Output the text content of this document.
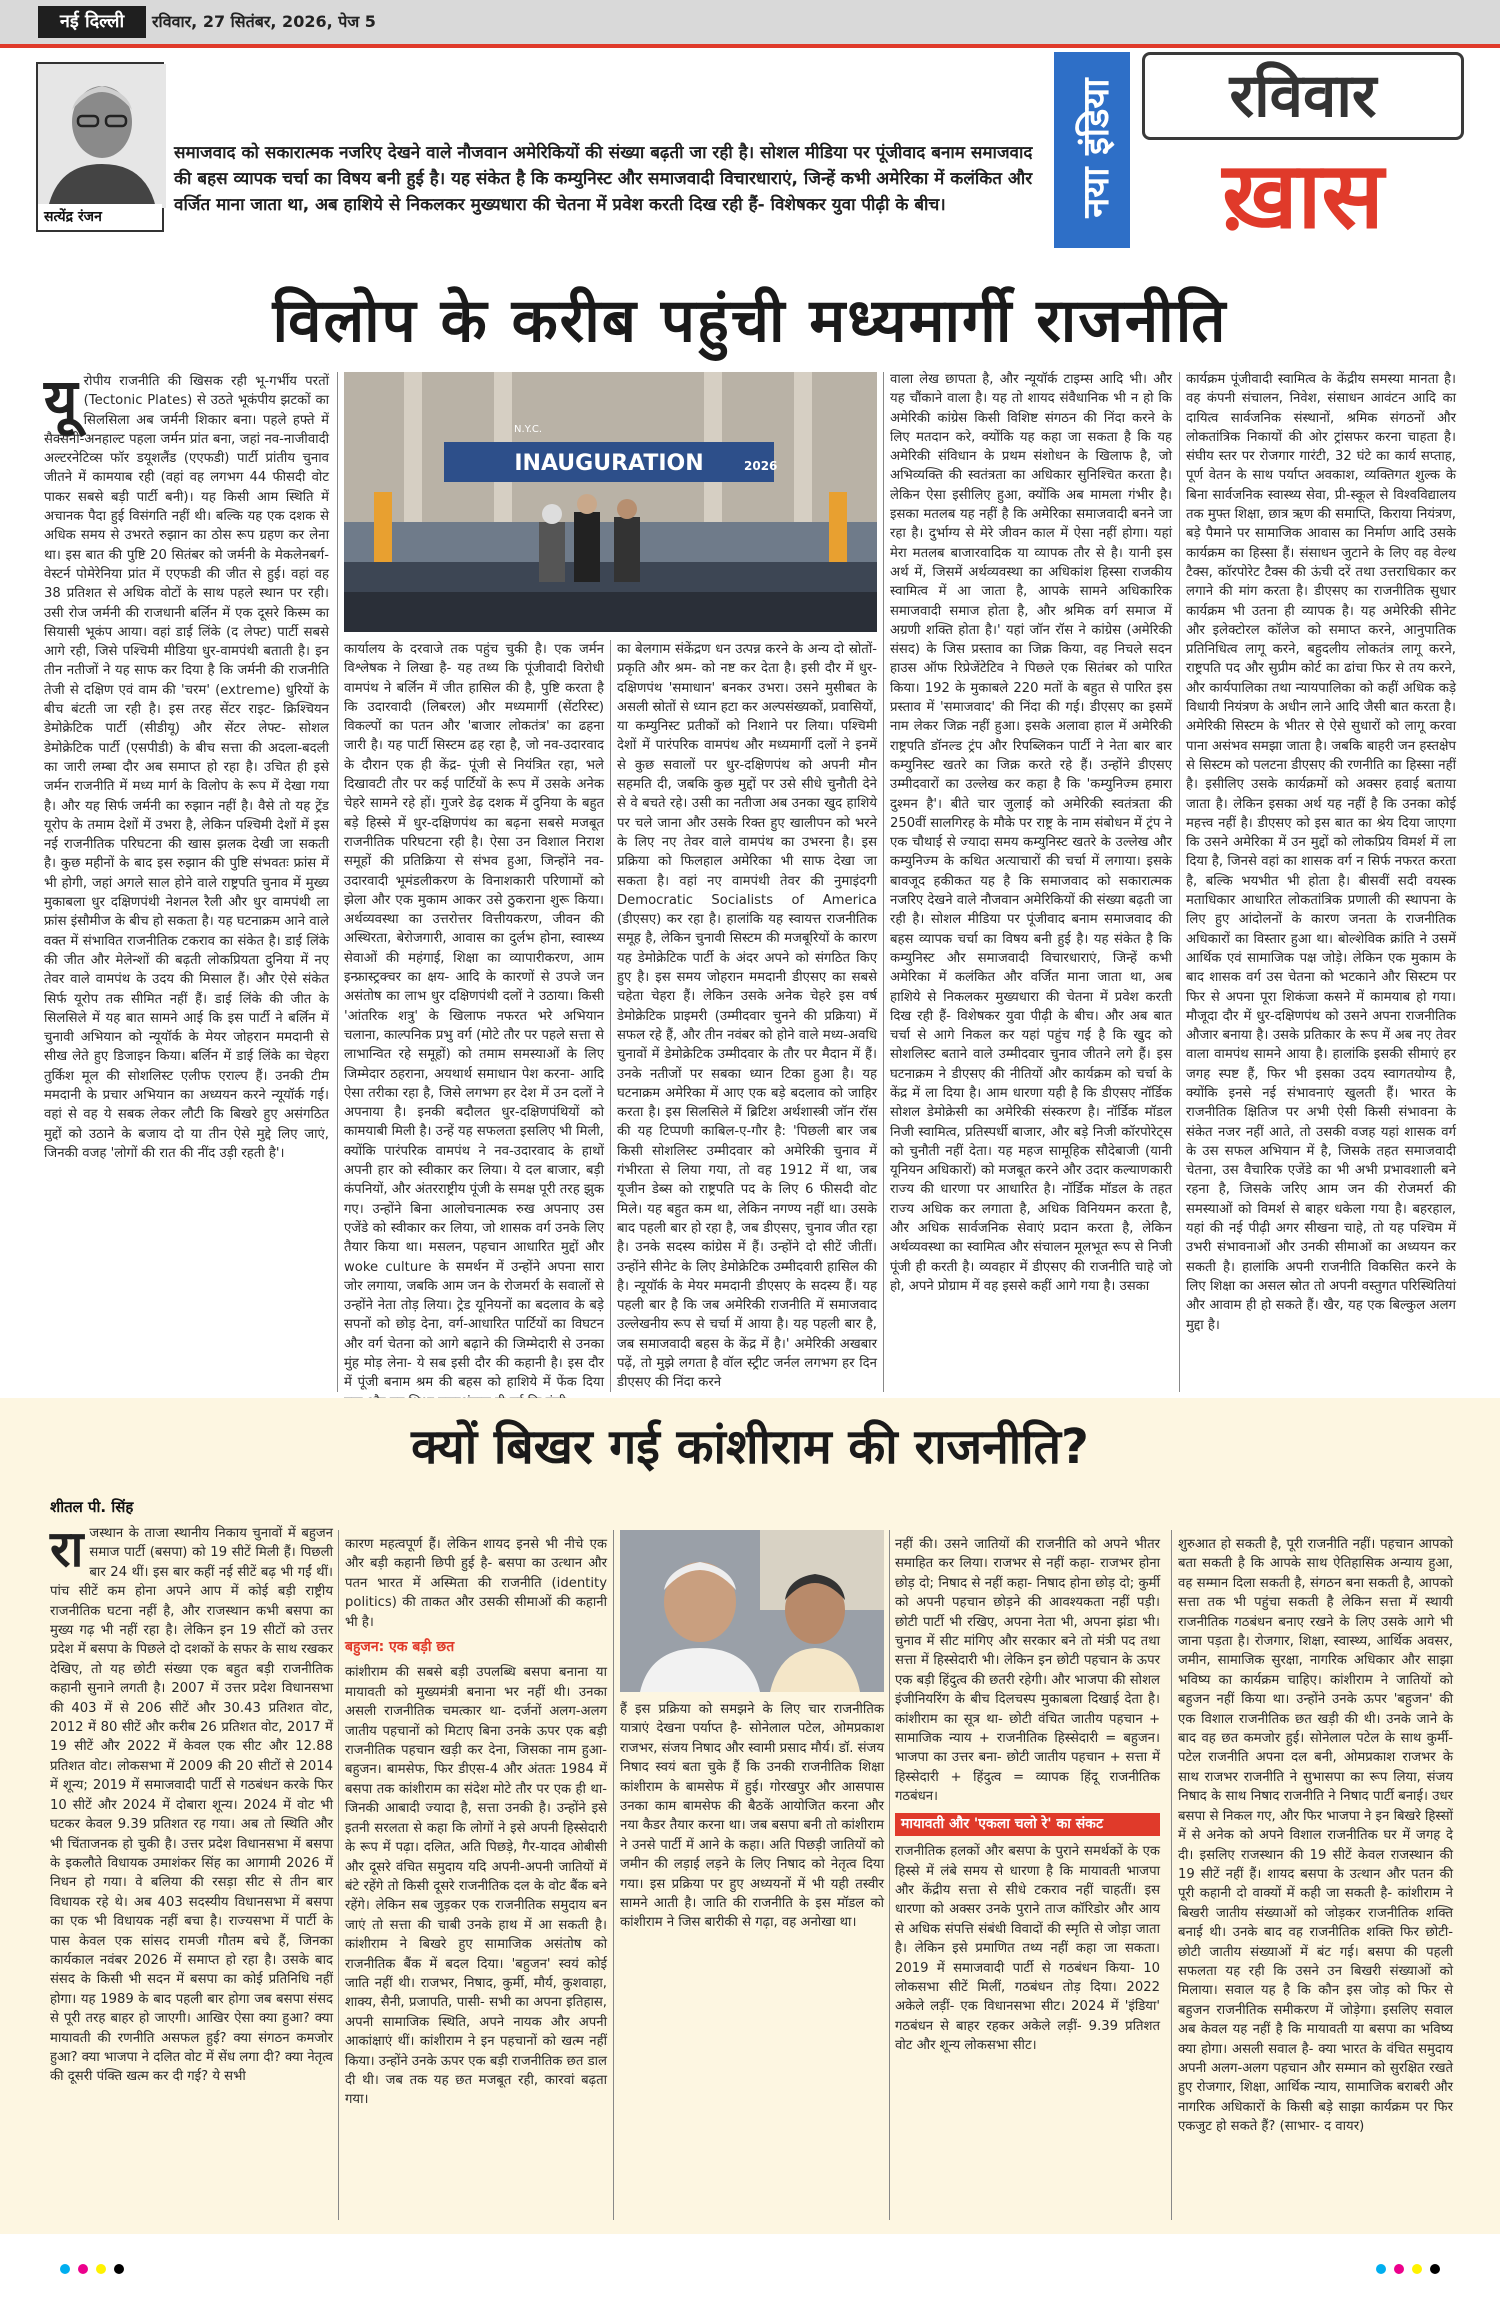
नई दिल्ली	रविवार, 27 सितंबर, 2026, पेज 5
सत्येंद्र रंजन
समाजवाद को सकारात्मक नजरिए देखने वाले नौजवान अमेरिकियों की संख्या बढ़ती जा रही है। सोशल मीडिया पर पूंजीवाद बनाम समाजवाद की बहस व्यापक चर्चा का विषय बनी हुई है। यह संकेत है कि कम्युनिस्ट और समाजवादी विचारधाराएं, जिन्हें कभी अमेरिका में कलंकित और वर्जित माना जाता था, अब हाशिये से निकलकर मुख्यधारा की चेतना में प्रवेश करती दिख रही हैं- विशेषकर युवा पीढ़ी के बीच।	नया इंडिया	रविवार
ख़ास
विलोप के करीब पहुंची मध्यमार्गी राजनीति
यूरोपीय राजनीति की खिसक रही भू-गर्भीय परतों (Tectonic Plates) से उठते भूकंपीय झटकों का सिलसिला अब जर्मनी शिकार बना। पहले हफ्ते में सैक्सनी-अनहाल्ट पहला जर्मन प्रांत बना, जहां नव-नाजीवादी अल्टरनेटिव्स फॉर डयूशलैंड (एएफडी) पार्टी प्रांतीय चुनाव जीतने में कामयाब रही (वहां वह लगभग 44 फीसदी वोट पाकर सबसे बड़ी पार्टी बनी)। यह किसी आम स्थिति में अचानक पैदा हुई विसंगति नहीं थी। बल्कि यह एक दशक से अधिक समय से उभरते रुझान का ठोस रूप ग्रहण कर लेना था। इस बात की पुष्टि 20 सितंबर को जर्मनी के मेकलेनबर्ग- वेस्टर्न पोमेरेनिया प्रांत में एएफडी की जीत से हुई। वहां वह 38 प्रतिशत से अधिक वोटों के साथ पहले स्थान पर रही। उसी रोज जर्मनी की राजधानी बर्लिन में एक दूसरे किस्म का सियासी भूकंप आया। वहां डाई लिंके (द लेफ्ट) पार्टी सबसे आगे रही, जिसे पश्चिमी मीडिया धुर-वामपंथी बताती है। इन तीन नतीजों ने यह साफ कर दिया है कि जर्मनी की राजनीति तेजी से दक्षिण एवं वाम की 'चरम' (extreme) धुरियों के बीच बंटती जा रही है। इस तरह सेंटर राइट- क्रिश्चियन डेमोक्रेटिक पार्टी (सीडीयू) और सेंटर लेफ्ट- सोशल डेमोक्रेटिक पार्टी (एसपीडी) के बीच सत्ता की अदला-बदली का जारी लम्बा दौर अब समाप्त हो रहा है। उचित ही इसे जर्मन राजनीति में मध्य मार्ग के विलोप के रूप में देखा गया है। और यह सिर्फ जर्मनी का रुझान नहीं है। वैसे तो यह ट्रेंड यूरोप के तमाम देशों में उभरा है, लेकिन पश्चिमी देशों में इस नई राजनीतिक परिघटना की खास झलक देखी जा सकती है। कुछ महीनों के बाद इस रुझान की पुष्टि संभवतः फ्रांस में भी होगी, जहां अगले साल होने वाले राष्ट्रपति चुनाव में मुख्य मुकाबला धुर दक्षिणपंथी नेशनल रैली और धुर वामपंथी ला फ्रांस इंसौमीज के बीच हो सकता है। यह घटनाक्रम आने वाले वक्त में संभावित राजनीतिक टकराव का संकेत है। डाई लिंके की जीत और मेलेन्शों की बढ़ती लोकप्रियता दुनिया में नए तेवर वाले वामपंथ के उदय की मिसाल हैं। और ऐसे संकेत सिर्फ यूरोप तक सीमित नहीं हैं। डाई लिंके की जीत के सिलसिले में यह बात सामने आई कि इस पार्टी ने बर्लिन में चुनावी अभियान को न्यूयॉर्क के मेयर जोहरान ममदानी से सीख लेते हुए डिजाइन किया। बर्लिन में डाई लिंके का चेहरा तुर्किश मूल की सोशलिस्ट एलीफ एराल्प हैं। उनकी टीम ममदानी के प्रचार अभियान का अध्ययन करने न्यूयॉर्क गई। वहां से वह ये सबक लेकर लौटी कि बिखरे हुए असंगठित मुद्दों को उठाने के बजाय दो या तीन ऐसे मुद्दे लिए जाएं, जिनकी वजह 'लोगों की रात की नींद उड़ी रहती है'।
INAUGURATION	2026
N.Y.C.
कार्यालय के दरवाजे तक पहुंच चुकी है। एक जर्मन विश्लेषक ने लिखा है- यह तथ्य कि पूंजीवादी विरोधी वामपंथ ने बर्लिन में जीत हासिल की है, पुष्टि करता है कि उदारवादी (लिबरल) और मध्यमार्गी (सेंटरिस्ट) विकल्पों का पतन और 'बाजार लोकतंत्र' का ढहना जारी है। यह पार्टी सिस्टम ढह रहा है, जो नव-उदारवाद के दौरान एक ही केंद्र- पूंजी से नियंत्रित रहा, भले दिखावटी तौर पर कई पार्टियों के रूप में उसके अनेक चेहरे सामने रहे हों। गुजरे डेढ़ दशक में दुनिया के बहुत बड़े हिस्से में धुर-दक्षिणपंथ का बढ़ना सबसे मजबूत राजनीतिक परिघटना रही है। ऐसा उन विशाल निराश समूहों की प्रतिक्रिया से संभव हुआ, जिन्होंने नव-उदारवादी भूमंडलीकरण के विनाशकारी परिणामों को झेला और एक मुकाम आकर उसे ठुकराना शुरू किया। अर्थव्यवस्था का उत्तरोत्तर वित्तीयकरण, जीवन की अस्थिरता, बेरोजगारी, आवास का दुर्लभ होना, स्वास्थ्य सेवाओं की महंगाई, शिक्षा का व्यापारीकरण, आम इन्फ्रास्ट्रक्चर का क्षय- आदि के कारणों से उपजे जन असंतोष का लाभ धुर दक्षिणपंथी दलों ने उठाया। किसी 'आंतरिक शत्रु' के खिलाफ नफरत भरे अभियान चलाना, काल्पनिक प्रभु वर्ग (मोटे तौर पर पहले सत्ता से लाभान्वित रहे समूहों) को तमाम समस्याओं के लिए जिम्मेदार ठहराना, अयथार्थ समाधान पेश करना- आदि ऐसा तरीका रहा है, जिसे लगभग हर देश में उन दलों ने अपनाया है। इनकी बदौलत धुर-दक्षिणपंथियों को कामयाबी मिली है। उन्हें यह सफलता इसलिए भी मिली, क्योंकि पारंपरिक वामपंथ ने नव-उदारवाद के हाथों अपनी हार को स्वीकार कर लिया। ये दल बाजार, बड़ी कंपनियों, और अंतरराष्ट्रीय पूंजी के समक्ष पूरी तरह झुक गए। उन्होंने बिना आलोचनात्मक रुख अपनाए उस एजेंडे को स्वीकार कर लिया, जो शासक वर्ग उनके लिए तैयार किया था। मसलन, पहचान आधारित मुद्दों और woke culture के समर्थन में उन्होंने अपना सारा जोर लगाया, जबकि आम जन के रोजमर्रा के सवालों से उन्होंने नेता तोड़ लिया। ट्रेड यूनियनों का बदलाव के बड़े सपनों को छोड़ देना, वर्ग-आधारित पार्टियों का विघटन और वर्ग चेतना को आगे बढ़ाने की जिम्मेदारी से उनका मुंह मोड़ लेना- ये सब इसी दौर की कहानी है। इस दौर में पूंजी बनाम श्रम की बहस को हाशिये में फेंक दिया
का बेलगाम संकेंद्रण धन उत्पन्न करने के अन्य दो स्रोतों- प्रकृति और श्रम- को नष्ट कर देता है। इसी दौर में धुर-दक्षिणपंथ 'समाधान' बनकर उभरा। उसने मुसीबत के असली स्रोतों से ध्यान हटा कर अल्पसंख्यकों, प्रवासियों, या कम्युनिस्ट प्रतीकों को निशाने पर लिया। पश्चिमी देशों में पारंपरिक वामपंथ और मध्यमार्गी दलों ने इनमें से कुछ सवालों पर धुर-दक्षिणपंथ को अपनी मौन सहमति दी, जबकि कुछ मुद्दों पर उसे सीधे चुनौती देने से वे बचते रहे। उसी का नतीजा अब उनका खुद हाशिये पर चले जाना और उसके रिक्त हुए खालीपन को भरने के लिए नए तेवर वाले वामपंथ का उभरना है। इस प्रक्रिया को फिलहाल अमेरिका भी साफ देखा जा सकता है। वहां नए वामपंथी तेवर की नुमाइंदगी Democratic Socialists of America (डीएसए) कर रहा है। हालांकि यह स्वायत्त राजनीतिक समूह है, लेकिन चुनावी सिस्टम की मजबूरियों के कारण यह डेमोक्रेटिक पार्टी के अंदर अपने को संगठित किए हुए है। इस समय जोहरान ममदानी डीएसए का सबसे चहेता चेहरा हैं। लेकिन उसके अनेक चेहरे इस वर्ष डेमोक्रेटिक प्राइमरी (उम्मीदवार चुनने की प्रक्रिया) में सफल रहे हैं, और तीन नवंबर को होने वाले मध्य-अवधि चुनावों में डेमोक्रेटिक उम्मीदवार के तौर पर मैदान में हैं। उनके नतीजों पर सबका ध्यान टिका हुआ है। यह घटनाक्रम अमेरिका में आए एक बड़े बदलाव को जाहिर करता है। इस सिलसिले में ब्रिटिश अर्थशास्त्री जॉन रॉस की यह टिप्पणी काबिल-ए-गौर है: 'पिछली बार जब किसी सोशलिस्ट उम्मीदवार को अमेरिकी चुनाव में गंभीरता से लिया गया, तो वह 1912 में था, जब यूजीन डेब्स को राष्ट्रपति पद के लिए 6 फीसदी वोट मिले। यह बहुत कम था, लेकिन नगण्य नहीं था। उसके बाद पहली बार हो रहा है, जब डीएसए, चुनाव जीत रहा है। उनके सदस्य कांग्रेस में हैं। उन्होंने दो सीटें जीतीं। उन्होंने सीनेट के लिए डेमोक्रेटिक उम्मीदवारी हासिल की है। न्यूयॉर्क के मेयर ममदानी डीएसए के सदस्य हैं। यह पहली बार है कि जब अमेरिकी राजनीति में समाजवाद उल्लेखनीय रूप से चर्चा में आया है। यह पहली बार है, जब समाजवादी बहस के केंद्र में है।' अमेरिकी अखबार पढ़ें, तो मुझे लगता है वॉल स्ट्रीट जर्नल लगभग हर दिन डीएसए की निंदा करने
वाला लेख छापता है, और न्यूयॉर्क टाइम्स आदि भी। और यह चौंकाने वाला है। यह तो शायद संवैधानिक भी न हो कि अमेरिकी कांग्रेस किसी विशिष्ट संगठन की निंदा करने के लिए मतदान करे, क्योंकि यह कहा जा सकता है कि यह अमेरिकी संविधान के प्रथम संशोधन के खिलाफ है, जो अभिव्यक्ति की स्वतंत्रता का अधिकार सुनिश्चित करता है। लेकिन ऐसा इसीलिए हुआ, क्योंकि अब मामला गंभीर है। इसका मतलब यह नहीं है कि अमेरिका समाजवादी बनने जा रहा है। दुर्भाग्य से मेरे जीवन काल में ऐसा नहीं होगा। यहां मेरा मतलब बाजारवादिक या व्यापक तौर से है। यानी इस अर्थ में, जिसमें अर्थव्यवस्था का अधिकांश हिस्सा राजकीय स्वामित्व में आ जाता है, आपके सामने अधिकारिक समाजवादी समाज होता है, और श्रमिक वर्ग समाज में अग्रणी शक्ति होता है।' यहां जॉन रॉस ने कांग्रेस (अमेरिकी संसद) के जिस प्रस्ताव का जिक्र किया, वह निचले सदन हाउस ऑफ रिप्रेजेंटेटिव ने पिछले एक सितंबर को पारित किया। 192 के मुकाबले 220 मतों के बहुत से पारित इस प्रस्ताव में 'समाजवाद' की निंदा की गई। डीएसए का इसमें नाम लेकर जिक्र नहीं हुआ। इसके अलावा हाल में अमेरिकी राष्ट्रपति डॉनल्ड ट्रंप और रिपब्लिकन पार्टी ने नेता बार बार कम्युनिस्ट खतरे का जिक्र करते रहे हैं। उन्होंने डीएसए उम्मीदवारों का उल्लेख कर कहा है कि 'कम्युनिज्म हमारा दुश्मन है'। बीते चार जुलाई को अमेरिकी स्वतंत्रता की 250वीं सालगिरह के मौके पर राष्ट्र के नाम संबोधन में ट्रंप ने एक चौथाई से ज्यादा समय कम्युनिस्ट खतरे के उल्लेख और कम्युनिज्म के कथित अत्याचारों की चर्चा में लगाया। इसके बावजूद हकीकत यह है कि समाजवाद को सकारात्मक नजरिए देखने वाले नौजवान अमेरिकियों की संख्या बढ़ती जा रही है। सोशल मीडिया पर पूंजीवाद बनाम समाजवाद की बहस व्यापक चर्चा का विषय बनी हुई है। यह संकेत है कि कम्युनिस्ट और समाजवादी विचारधाराएं, जिन्हें कभी अमेरिका में कलंकित और वर्जित माना जाता था, अब हाशिये से निकलकर मुख्यधारा की चेतना में प्रवेश करती दिख रही हैं- विशेषकर युवा पीढ़ी के बीच। और अब बात चर्चा से आगे निकल कर यहां पहुंच गई है कि खुद को सोशलिस्ट बताने वाले उम्मीदवार चुनाव जीतने लगे हैं। इस घटनाक्रम ने डीएसए की नीतियों और कार्यक्रम को चर्चा के केंद्र में ला दिया है। आम धारणा यही है कि डीएसए नॉर्डिक सोशल डेमोक्रेसी का अमेरिकी संस्करण है। नॉर्डिक मॉडल निजी स्वामित्व, प्रतिस्पर्धी बाजार, और बड़े निजी कॉरपोरेट्स को चुनौती नहीं देता। यह महज सामूहिक सौदेबाजी (यानी यूनियन अधिकारों) को मजबूत करने और उदार कल्याणकारी राज्य की धारणा पर आधारित है। नॉर्डिक मॉडल के तहत राज्य अधिक कर लगाता है, अधिक विनियमन करता है, और अधिक सार्वजनिक सेवाएं प्रदान करता है, लेकिन अर्थव्यवस्था का स्वामित्व और संचालन मूलभूत रूप से निजी पूंजी ही करती है। व्यवहार में डीएसए की राजनीति चाहे जो हो, अपने प्रोग्राम में वह इससे कहीं आगे गया है। उसका
कार्यक्रम पूंजीवादी स्वामित्व के केंद्रीय समस्या मानता है। वह कंपनी संचालन, निवेश, संसाधन आवंटन आदि का दायित्व सार्वजनिक संस्थानों, श्रमिक संगठनों और लोकतांत्रिक निकायों की ओर ट्रांसफर करना चाहता है। संघीय स्तर पर रोजगार गारंटी, 32 घंटे का कार्य सप्ताह, पूर्ण वेतन के साथ पर्याप्त अवकाश, व्यक्तिगत शुल्क के बिना सार्वजनिक स्वास्थ्य सेवा, प्री-स्कूल से विश्वविद्यालय तक मुफ्त शिक्षा, छात्र ऋण की समाप्ति, किराया नियंत्रण, बड़े पैमाने पर सामाजिक आवास का निर्माण आदि उसके कार्यक्रम का हिस्सा हैं। संसाधन जुटाने के लिए वह वेल्थ टैक्स, कॉरपोरेट टैक्स की ऊंची दरें तथा उत्तराधिकार कर लगाने की मांग करता है। डीएसए का राजनीतिक सुधार कार्यक्रम भी उतना ही व्यापक है। यह अमेरिकी सीनेट और इलेक्टोरल कॉलेज को समाप्त करने, आनुपातिक प्रतिनिधित्व लागू करने, बहुदलीय लोकतंत्र लागू करने, राष्ट्रपति पद और सुप्रीम कोर्ट का ढांचा फिर से तय करने, और कार्यपालिका तथा न्यायपालिका को कहीं अधिक कड़े विधायी नियंत्रण के अधीन लाने आदि जैसी बात करता है। अमेरिकी सिस्टम के भीतर से ऐसे सुधारों को लागू करवा पाना असंभव समझा जाता है। जबकि बाहरी जन हस्तक्षेप से सिस्टम को पलटना डीएसए की रणनीति का हिस्सा नहीं है। इसीलिए उसके कार्यक्रमों को अक्सर हवाई बताया जाता है। लेकिन इसका अर्थ यह नहीं है कि उनका कोई महत्त्व नहीं है। डीएसए को इस बात का श्रेय दिया जाएगा कि उसने अमेरिका में उन मुद्दों को लोकप्रिय विमर्श में ला दिया है, जिनसे वहां का शासक वर्ग न सिर्फ नफरत करता है, बल्कि भयभीत भी होता है। बीसवीं सदी वयस्क मताधिकार आधारित लोकतांत्रिक प्रणाली की स्थापना के लिए हुए आंदोलनों के कारण जनता के राजनीतिक अधिकारों का विस्तार हुआ था। बोल्शेविक क्रांति ने उसमें आर्थिक एवं सामाजिक पक्ष जोड़े। लेकिन एक मुकाम के बाद शासक वर्ग उस चेतना को भटकाने और सिस्टम पर फिर से अपना पूरा शिकंजा कसने में कामयाब हो गया। मौजूदा दौर में धुर-दक्षिणपंथ को उसने अपना राजनीतिक औजार बनाया है। उसके प्रतिकार के रूप में अब नए तेवर वाला वामपंथ सामने आया है। हालांकि इसकी सीमाएं हर जगह स्पष्ट हैं, फिर भी इसका उदय स्वागतयोग्य है, क्योंकि इनसे नई संभावनाएं खुलती हैं। भारत के राजनीतिक क्षितिज पर अभी ऐसी किसी संभावना के संकेत नजर नहीं आते, तो उसकी वजह यहां शासक वर्ग के उस सफल अभियान में है, जिसके तहत समाजवादी चेतना, उस वैचारिक एजेंडे का भी अभी प्रभावशाली बने रहना है, जिसके जरिए आम जन की रोजमर्रा की समस्याओं को विमर्श से बाहर धकेला गया है। बहरहाल, यहां की नई पीढ़ी अगर सीखना चाहे, तो यह पश्चिम में उभरी संभावनाओं और उनकी सीमाओं का अध्ययन कर सकती है। हालांकि अपनी राजनीति विकसित करने के लिए शिक्षा का असल स्रोत तो अपनी वस्तुगत परिस्थितियां और आवाम ही हो सकते हैं। खैर, यह एक बिल्कुल अलग मुद्दा है।
क्यों बिखर गई कांशीराम की राजनीति?
शीतल पी. सिंह
राजस्थान के ताजा स्थानीय निकाय चुनावों में बहुजन समाज पार्टी (बसपा) को 19 सीटें मिली हैं। पिछली बार 24 थीं। इस बार कहीं नई सीटें बढ़ भी गईं थीं। पांच सीटें कम होना अपने आप में कोई बड़ी राष्ट्रीय राजनीतिक घटना नहीं है, और राजस्थान कभी बसपा का मुख्य गढ़ भी नहीं रहा है। लेकिन इन 19 सीटों को उत्तर प्रदेश में बसपा के पिछले दो दशकों के सफर के साथ रखकर देखिए, तो यह छोटी संख्या एक बहुत बड़ी राजनीतिक कहानी सुनाने लगती है। 2007 में उत्तर प्रदेश विधानसभा की 403 में से 206 सीटें और 30.43 प्रतिशत वोट, 2012 में 80 सीटें और करीब 26 प्रतिशत वोट, 2017 में 19 सीटें और 2022 में केवल एक सीट और 12.88 प्रतिशत वोट। लोकसभा में 2009 की 20 सीटों से 2014 में शून्य; 2019 में समाजवादी पार्टी से गठबंधन करके फिर 10 सीटें और 2024 में दोबारा शून्य। 2024 में वोट भी घटकर केवल 9.39 प्रतिशत रह गया। अब तो स्थिति और भी चिंताजनक हो चुकी है। उत्तर प्रदेश विधानसभा में बसपा के इकलौते विधायक उमाशंकर सिंह का आगामी 2026 में निधन हो गया। वे बलिया की रसड़ा सीट से तीन बार विधायक रहे थे। अब 403 सदस्यीय विधानसभा में बसपा का एक भी विधायक नहीं बचा है। राज्यसभा में पार्टी के पास केवल एक सांसद रामजी गौतम बचे हैं, जिनका कार्यकाल नवंबर 2026 में समाप्त हो रहा है। उसके बाद संसद के किसी भी सदन में बसपा का कोई प्रतिनिधि नहीं होगा। यह 1989 के बाद पहली बार होगा जब बसपा संसद से पूरी तरह बाहर हो जाएगी। आखिर ऐसा क्या हुआ? क्या मायावती की रणनीति असफल हुई? क्या संगठन कमजोर हुआ? क्या भाजपा ने दलित वोट में सेंध लगा दी? क्या नेतृत्व की दूसरी पंक्ति खत्म कर दी गई? ये सभी
कारण महत्वपूर्ण हैं। लेकिन शायद इनसे भी नीचे एक और बड़ी कहानी छिपी हुई है- बसपा का उत्थान और पतन भारत में अस्मिता की राजनीति (identity politics) की ताकत और उसकी सीमाओं की कहानी भी है।
बहुजन: एक बड़ी छत
कांशीराम की सबसे बड़ी उपलब्धि बसपा बनाना या मायावती को मुख्यमंत्री बनाना भर नहीं थी। उनका असली राजनीतिक चमत्कार था- दर्जनों अलग-अलग जातीय पहचानों को मिटाए बिना उनके ऊपर एक बड़ी राजनीतिक पहचान खड़ी कर देना, जिसका नाम हुआ- बहुजन। बामसेफ, फिर डीएस-4 और अंततः 1984 में बसपा तक कांशीराम का संदेश मोटे तौर पर एक ही था- जिनकी आबादी ज्यादा है, सत्ता उनकी है। उन्होंने इसे इतनी सरलता से कहा कि लोगों ने इसे अपनी हिस्सेदारी के रूप में पढ़ा। दलित, अति पिछड़े, गैर-यादव ओबीसी और दूसरे वंचित समुदाय यदि अपनी-अपनी जातियों में बंटे रहेंगे तो किसी दूसरे राजनीतिक दल के वोट बैंक बने रहेंगे। लेकिन सब जुड़कर एक राजनीतिक समुदाय बन जाएं तो सत्ता की चाबी उनके हाथ में आ सकती है। कांशीराम ने बिखरे हुए सामाजिक असंतोष को राजनीतिक बैंक में बदल दिया। 'बहुजन' स्वयं कोई जाति नहीं थी। राजभर, निषाद, कुर्मी, मौर्य, कुशवाहा, शाक्य, सैनी, प्रजापति, पासी- सभी का अपना इतिहास, अपनी सामाजिक स्थिति, अपने नायक और अपनी आकांक्षाएं थीं। कांशीराम ने इन पहचानों को खत्म नहीं किया। उन्होंने उनके ऊपर एक बड़ी राजनीतिक छत डाल दी थी। जब तक यह छत मजबूत रही, कारवां बढ़ता गया।
हैं इस प्रक्रिया को समझने के लिए चार राजनीतिक यात्राएं देखना पर्याप्त है- सोनेलाल पटेल, ओमप्रकाश राजभर, संजय निषाद और स्वामी प्रसाद मौर्य। डॉ. संजय निषाद स्वयं बता चुके हैं कि उनकी राजनीतिक शिक्षा कांशीराम के बामसेफ में हुई। गोरखपुर और आसपास उनका काम बामसेफ की बैठकें आयोजित करना और नया कैडर तैयार करना था। जब बसपा बनी तो कांशीराम ने उनसे पार्टी में आने के कहा। अति पिछड़ी जातियों को जमीन की लड़ाई लड़ने के लिए निषाद को नेतृत्व दिया गया। इस प्रक्रिया पर हुए अध्ययनों में भी यही तस्वीर सामने आती है। जाति की राजनीति के इस मॉडल को कांशीराम ने जिस बारीकी से गढ़ा, वह अनोखा था।
नहीं की। उसने जातियों की राजनीति को अपने भीतर समाहित कर लिया। राजभर से नहीं कहा- राजभर होना छोड़ दो; निषाद से नहीं कहा- निषाद होना छोड़ दो; कुर्मी को अपनी पहचान छोड़ने की आवश्यकता नहीं पड़ी। छोटी पार्टी भी रखिए, अपना नेता भी, अपना झंडा भी। चुनाव में सीट मांगिए और सरकार बने तो मंत्री पद तथा सत्ता में हिस्सेदारी भी। लेकिन इन छोटी पहचान के ऊपर एक बड़ी हिंदुत्व की छतरी रहेगी। और भाजपा की सोशल इंजीनियरिंग के बीच दिलचस्प मुकाबला दिखाई देता है। कांशीराम का सूत्र था- छोटी वंचित जातीय पहचान + सामाजिक न्याय + राजनीतिक हिस्सेदारी = बहुजन। भाजपा का उत्तर बना- छोटी जातीय पहचान + सत्ता में हिस्सेदारी + हिंदुत्व = व्यापक हिंदू राजनीतिक गठबंधन।
मायावती और 'एकला चलो रे' का संकट
राजनीतिक हलकों और बसपा के पुराने समर्थकों के एक हिस्से में लंबे समय से धारणा है कि मायावती भाजपा और केंद्रीय सत्ता से सीधे टकराव नहीं चाहतीं। इस धारणा को अक्सर उनके पुराने ताज कॉरिडोर और आय से अधिक संपत्ति संबंधी विवादों की स्मृति से जोड़ा जाता है। लेकिन इसे प्रमाणित तथ्य नहीं कहा जा सकता। 2019 में समाजवादी पार्टी से गठबंधन किया- 10 लोकसभा सीटें मिलीं, गठबंधन तोड़ दिया। 2022 अकेले लड़ीं- एक विधानसभा सीट। 2024 में 'इंडिया' गठबंधन से बाहर रहकर अकेले लड़ीं- 9.39 प्रतिशत वोट और शून्य लोकसभा सीट।
शुरुआत हो सकती है, पूरी राजनीति नहीं। पहचान आपको बता सकती है कि आपके साथ ऐतिहासिक अन्याय हुआ, वह सम्मान दिला सकती है, संगठन बना सकती है, आपको सत्ता तक भी पहुंचा सकती है लेकिन सत्ता में स्थायी राजनीतिक गठबंधन बनाए रखने के लिए उसके आगे भी जाना पड़ता है। रोजगार, शिक्षा, स्वास्थ्य, आर्थिक अवसर, जमीन, सामाजिक सुरक्षा, नागरिक अधिकार और साझा भविष्य का कार्यक्रम चाहिए। कांशीराम ने जातियों को बहुजन नहीं किया था। उन्होंने उनके ऊपर 'बहुजन' की एक विशाल राजनीतिक छत खड़ी की थी। उनके जाने के बाद वह छत कमजोर हुई। सोनेलाल पटेल के साथ कुर्मी-पटेल राजनीति अपना दल बनी, ओमप्रकाश राजभर के साथ राजभर राजनीति ने सुभासपा का रूप लिया, संजय निषाद के साथ निषाद राजनीति ने निषाद पार्टी बनाई। उधर बसपा से निकल गए, और फिर भाजपा ने इन बिखरे हिस्सों में से अनेक को अपने विशाल राजनीतिक घर में जगह दे दी। इसलिए राजस्थान की 19 सीटें केवल राजस्थान की 19 सीटें नहीं हैं। शायद बसपा के उत्थान और पतन की पूरी कहानी दो वाक्यों में कही जा सकती है- कांशीराम ने बिखरी जातीय संख्याओं को जोड़कर राजनीतिक शक्ति बनाई थी। उनके बाद वह राजनीतिक शक्ति फिर छोटी-छोटी जातीय संख्याओं में बंट गई। बसपा की पहली सफलता यह रही कि उसने उन बिखरी संख्याओं को मिलाया। सवाल यह है कि कौन इस जोड़ को फिर से बहुजन राजनीतिक समीकरण में जोड़ेगा। इसलिए सवाल अब केवल यह नहीं है कि मायावती या बसपा का भविष्य क्या होगा। असली सवाल है- क्या भारत के वंचित समुदाय अपनी अलग-अलग पहचान और सम्मान को सुरक्षित रखते हुए रोजगार, शिक्षा, आर्थिक न्याय, सामाजिक बराबरी और नागरिक अधिकारों के किसी बड़े साझा कार्यक्रम पर फिर एकजुट हो सकते हैं? (साभार- द वायर)
